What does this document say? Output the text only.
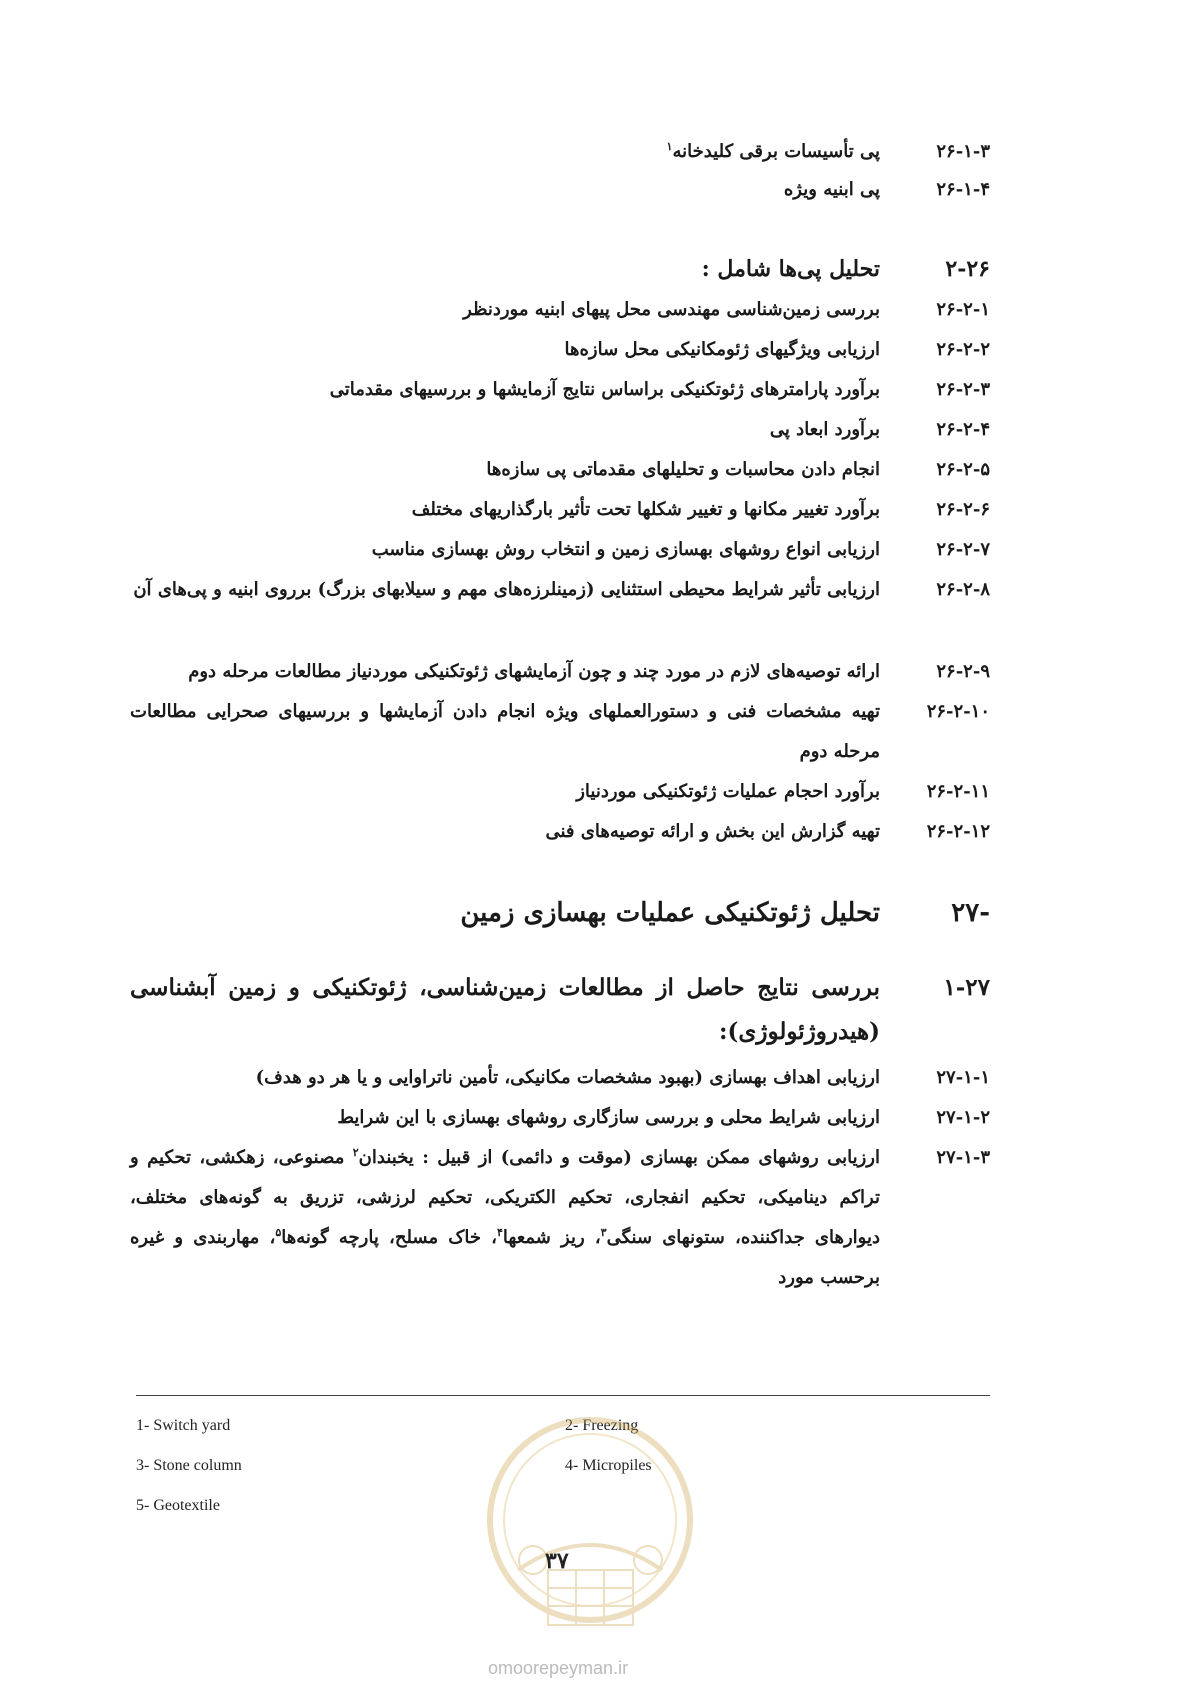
۲۶-۱-۳
پی تأسیسات برقی کلیدخانه$^۱$
۲۶-۱-۴
پی ابنیه ویژه
۲-۲۶
تحلیل پی‌ها شامل :
۲۶-۲-۱
بررسی زمین‌شناسی مهندسی محل پیهای ابنیه موردنظر
۲۶-۲-۲
ارزیابی ویژگیهای ژئومکانیکی محل سازه‌ها
۲۶-۲-۳
برآورد پارامترهای ژئوتکنیکی براساس نتایج آزمایشها و بررسیهای مقدماتی
۲۶-۲-۴
برآورد ابعاد پی
۲۶-۲-۵
انجام دادن محاسبات و تحلیلهای مقدماتی پی سازه‌ها
۲۶-۲-۶
برآورد تغییر مکانها و تغییر شکلها تحت تأثیر بارگذاریهای مختلف
۲۶-۲-۷
ارزیابی انواع روشهای بهسازی زمین و انتخاب روش بهسازی مناسب
۲۶-۲-۸
ارزیابی تأثیر شرایط محیطی استثنایی (زمینلرزه‌های مهم و سیلابهای بزرگ) برروی ابنیه و پی‌های آن
۲۶-۲-۹
ارائه توصیه‌های لازم در مورد چند و چون آزمایشهای ژئوتکنیکی موردنیاز مطالعات مرحله دوم
۲۶-۲-۱۰
تهیه مشخصات فنی و دستورالعملهای ویژه انجام دادن آزمایشها و بررسیهای صحرایی مطالعات مرحله دوم
۲۶-۲-۱۱
برآورد احجام عملیات ژئوتکنیکی موردنیاز
۲۶-۲-۱۲
تهیه گزارش این بخش و ارائه توصیه‌های فنی
۲۷-
تحلیل ژئوتکنیکی عملیات بهسازی زمین
۱-۲۷
بررسی نتایج حاصل از مطالعات زمین‌شناسی، ژئوتکنیکی و زمین آبشناسی (هیدروژئولوژی):
۲۷-۱-۱
ارزیابی اهداف بهسازی (بهبود مشخصات مکانیکی، تأمین ناتراوایی و یا هر دو هدف)
۲۷-۱-۲
ارزیابی شرایط محلی و بررسی سازگاری روشهای بهسازی با این شرایط
۲۷-۱-۳
ارزیابی روشهای ممکن بهسازی (موقت و دائمی) از قبیل : یخبندان$^۲$ مصنوعی، زهکشی، تحکیم و تراکم دینامیکی، تحکیم انفجاری، تحکیم الکتریکی، تحکیم لرزشی، تزریق به گونه‌های مختلف، دیوارهای جداکننده، ستونهای سنگی$^۳$، ریز شمعها$^۴$، خاک مسلح، پارچه گونه‌ها$^۵$، مهاربندی و غیره برحسب مورد
1- Switch yard	2- Freezing
3- Stone column	4- Micropiles
5- Geotextile
۳۷
omoorepeyman.ir
